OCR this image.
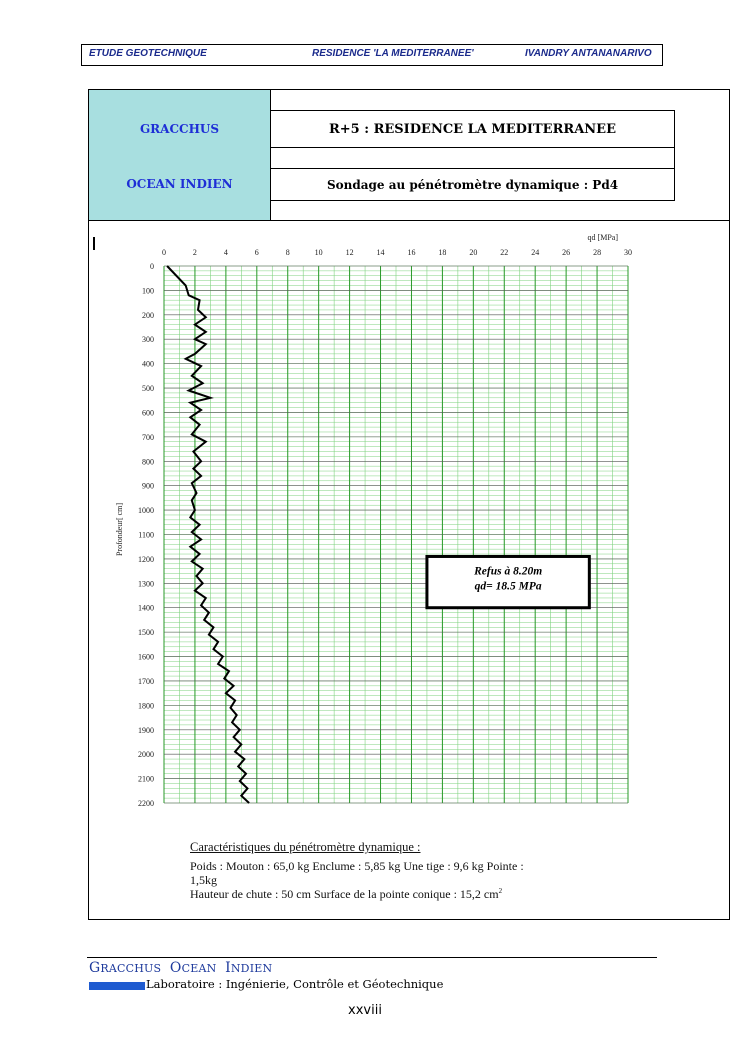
ETUDE GEOTECHNIQUE	RESIDENCE 'LA MEDITERRANEE'	IVANDRY ANTANANARIVO
GRACCHUS
OCEAN INDIEN
R+5 : RESIDENCE LA MEDITERRANEE
Sondage au pénétromètre dynamique : Pd4
0	2	4	6	8	10	12	14	16	18	20	22	24	26	28	30
0
100
200
300
400
500
600
700
800
900
1000
1100
1200
1300
1400
1500
1600
1700
1800
1900
2000
2100
2200
qd [MPa]
Profondeur[ cm]
Refus à 8.20m
qd= 18.5 MPa
Caractéristiques du pénétromètre dynamique :
Poids : Mouton : 65,0 kg Enclume : 5,85 kg Une tige : 9,6 kg Pointe :
1,5kg
Hauteur de chute : 50 cm Surface de la pointe conique : 15,2 $cm^2$
GRACCHUS OCEAN INDIEN
Laboratoire : Ingénierie, Contrôle et Géotechnique
xxviii
